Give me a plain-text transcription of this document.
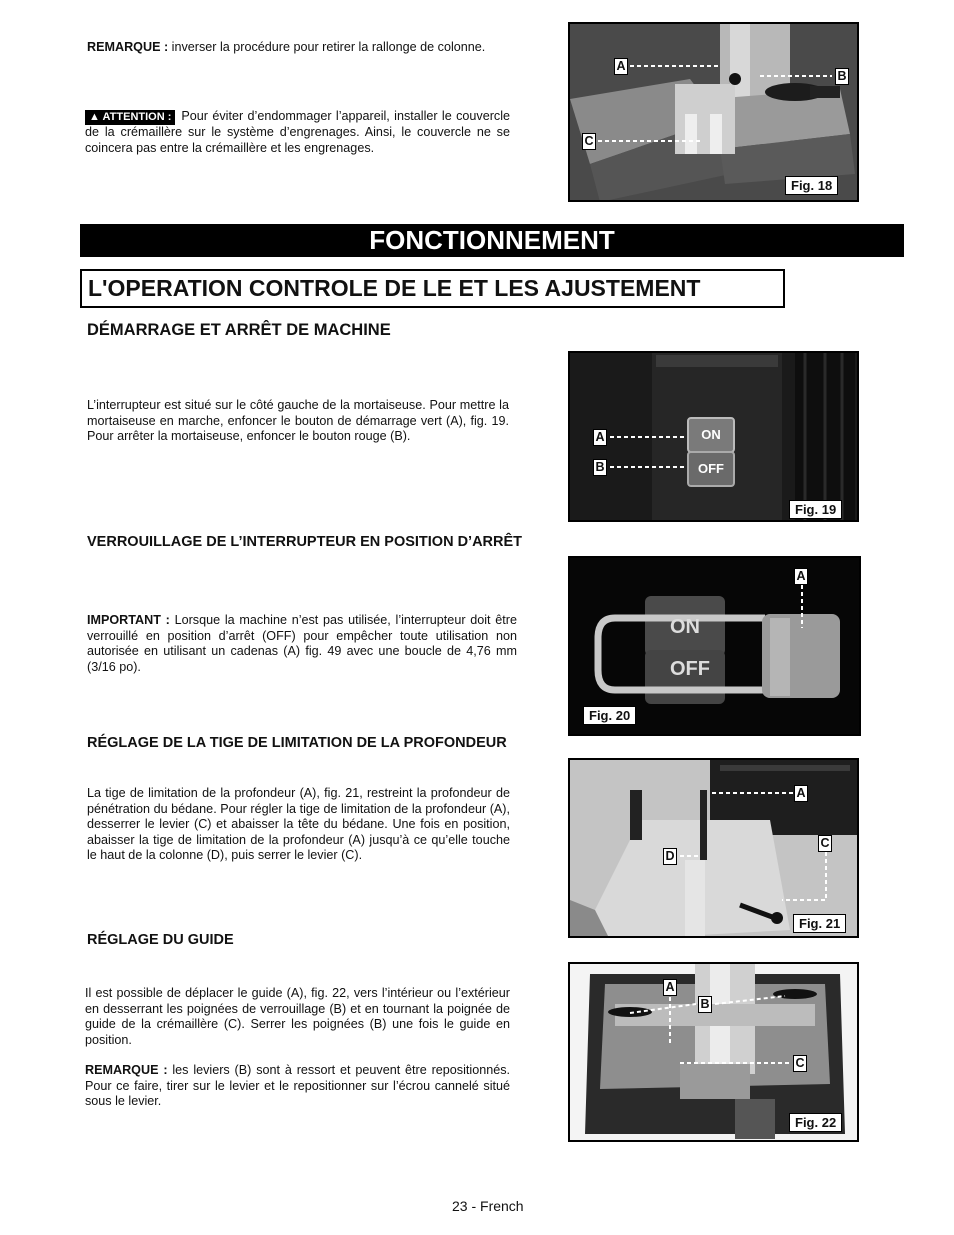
REMARQUE : inverser la procédure pour retirer la rallonge de colonne.
▲ ATTENTION : Pour éviter d’endommager l’appareil, installer le couvercle de la crémaillère sur le système d’engrenages. Ainsi, le couvercle ne se coincera pas entre la crémaillère et les engrenages.
A
B
C
Fig. 18
FONCTIONNEMENT
L'OPERATION CONTROLE DE LE ET LES AJUSTEMENT
DÉMARRAGE ET ARRÊT DE MACHINE
L’interrupteur est situé sur le côté gauche de la mortaiseuse. Pour mettre la mortaiseuse en marche, enfoncer le bouton de démarrage vert (A), fig. 19. Pour arrêter la mortaiseuse, enfoncer le bouton rouge (B).	ON
OFF
A
B
Fig. 19
VERROUILLAGE DE L’INTERRUPTEUR EN POSITION D’ARRÊT
IMPORTANT : Lorsque la machine n’est pas utilisée, l’interrupteur doit être verrouillé en position d’arrêt (OFF) pour empêcher toute utilisation non autorisée en utilisant un cadenas (A) fig. 49 avec une boucle de 4,76 mm (3/16 po).
ON
OFF
A
Fig. 20
RÉGLAGE DE LA TIGE DE LIMITATION DE LA PROFONDEUR
La tige de limitation de la profondeur (A), fig. 21, restreint la profondeur de pénétration du bédane. Pour régler la tige de limitation de la profondeur (A), desserrer le levier (C) et abaisser la tête du bédane. Une fois en position, abaisser la tige de limitation de la profondeur (A) jusqu’à ce qu’elle touche le haut de la colonne (D), puis serrer le levier (C).
A
C
D
Fig. 21
RÉGLAGE DU GUIDE
Il est possible de déplacer le guide (A), fig. 22, vers l’intérieur ou l’extérieur en desserrant les poignées de verrouillage (B) et en tournant la poignée de guide de la crémaillère (C). Serrer les poignées (B) une fois le guide en position.
REMARQUE : les leviers (B) sont à ressort et peuvent être repositionnés. Pour ce faire, tirer sur le levier et le repositionner sur l’écrou cannelé situé sous le levier.
A
B
C
Fig. 22
23 - French
